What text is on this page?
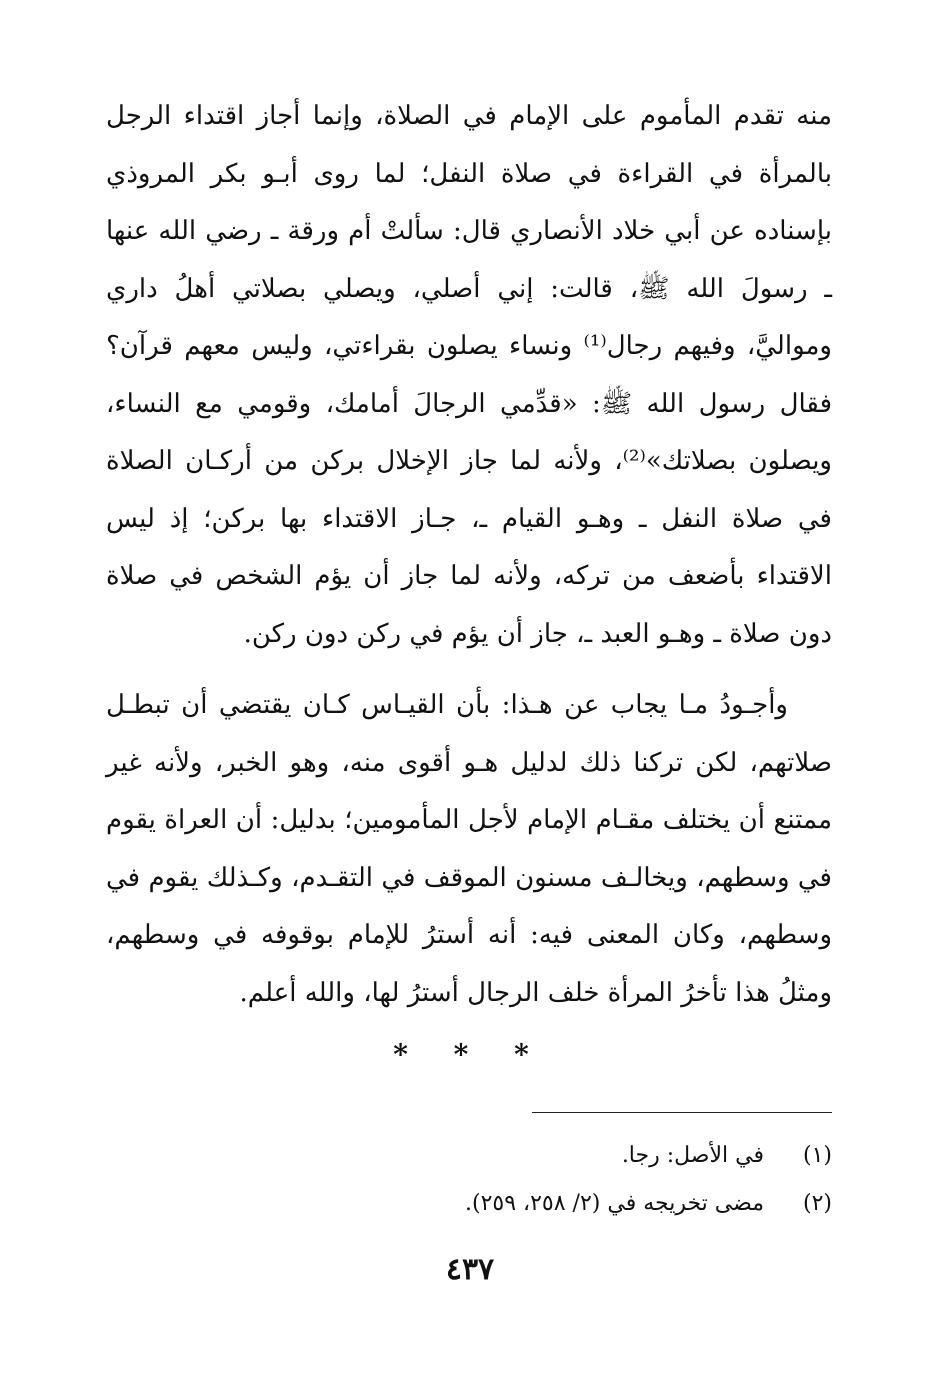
منه تقدم المأموم على الإمام في الصلاة، وإنما أجاز اقتداء الرجل بالمرأة في القراءة في صلاة النفل؛ لما روى أبـو بكر المروذي بإسناده عن أبي خلاد الأنصاري قال: سألتْ أم ورقة ـ رضي الله عنها ـ رسولَ الله ﷺ، قالت: إني أصلي، ويصلي بصلاتي أهلُ داري ومواليَّ، وفيهم رجال⁽¹⁾ ونساء يصلون بقراءتي، وليس معهم قرآن؟ فقال رسول الله ﷺ: «قدِّمي الرجالَ أمامك، وقومي مع النساء، ويصلون بصلاتك»⁽²⁾، ولأنه لما جاز الإخلال بركن من أركـان الصلاة في صلاة النفل ـ وهـو القيام ـ، جـاز الاقتداء بها بركن؛ إذ ليس الاقتداء بأضعف من تركه، ولأنه لما جاز أن يؤم الشخص في صلاة دون صلاة ـ وهـو العبد ـ، جاز أن يؤم في ركن دون ركن.

وأجـودُ مـا يجاب عن هـذا: بأن القيـاس كـان يقتضي أن تبطـل صلاتهم، لكن تركنا ذلك لدليل هـو أقوى منه، وهو الخبر، ولأنه غير ممتنع أن يختلف مقـام الإمام لأجل المأمومين؛ بدليل: أن العراة يقوم في وسطهم، ويخالـف مسنون الموقف في التقـدم، وكـذلك يقوم في وسطهم، وكان المعنى فيه: أنه أسترُ للإمام بوقوفه في وسطهم، ومثلُ هذا تأخرُ المرأة خلف الرجال أسترُ لها، والله أعلم.

* * *
(١)
في الأصل: رجا.
(٢)
مضى تخريجه في (٢/ ٢٥٨، ٢٥٩).
٤٣٧
